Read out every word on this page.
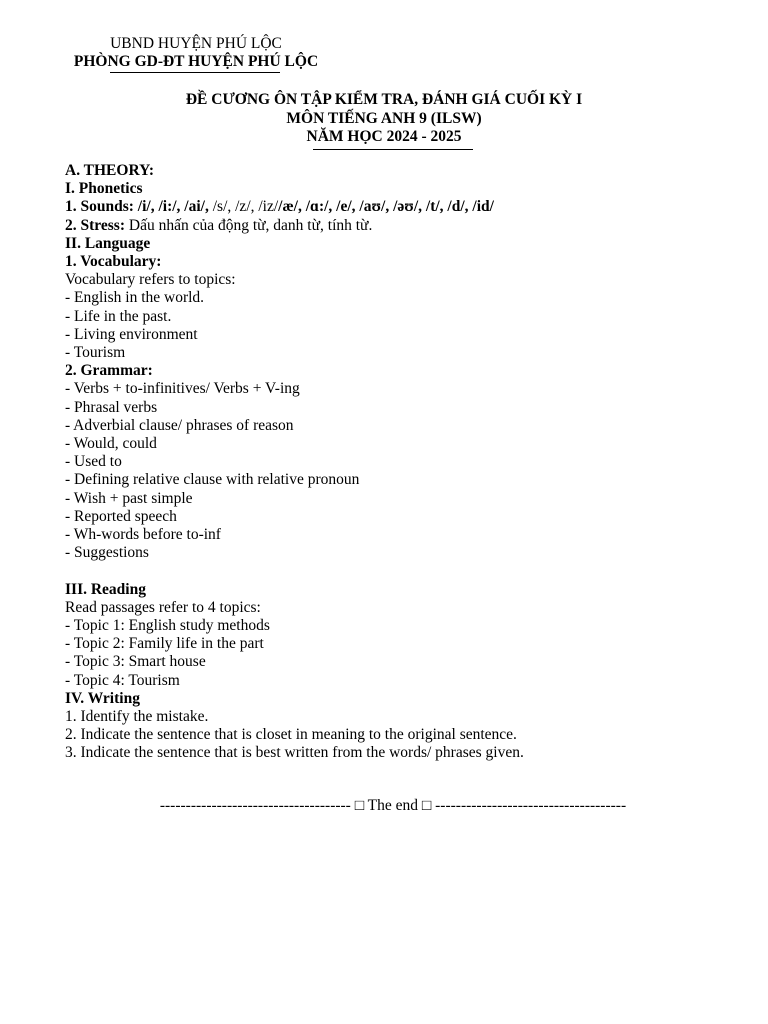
UBND HUYỆN PHÚ LỘC
PHÒNG GD-ĐT HUYỆN PHÚ LỘC
ĐỀ CƯƠNG ÔN TẬP KIỂM TRA, ĐÁNH GIÁ CUỐI KỲ I
MÔN TIẾNG ANH 9 (ILSW)
NĂM HỌC 2024 - 2025
A. THEORY:
I. Phonetics
1. Sounds: /i/, /i:/, /ai/, /s/, /z/, /iz//æ/, /ɑ:/, /e/, /aʊ/, /əʊ/, /t/, /d/, /id/
2. Stress: Dấu nhấn của động từ, danh từ, tính từ.
II. Language
1. Vocabulary:
Vocabulary refers to topics:
- English in the world.
- Life in the past.
- Living environment
- Tourism
2. Grammar:
- Verbs + to-infinitives/ Verbs + V-ing
- Phrasal verbs
- Adverbial clause/ phrases of reason
- Would, could
- Used to
- Defining relative clause with relative pronoun
- Wish + past simple
- Reported speech
- Wh-words before to-inf
- Suggestions
III. Reading
Read passages refer to 4 topics:
- Topic 1: English study methods
- Topic 2: Family life in the part
- Topic 3: Smart house
- Topic 4: Tourism
IV. Writing
1. Identify the mistake.
2. Indicate the sentence that is closet in meaning to the original sentence.
3. Indicate the sentence that is best written from the words/ phrases given.
------------------------------------- □ The end □ -------------------------------------
